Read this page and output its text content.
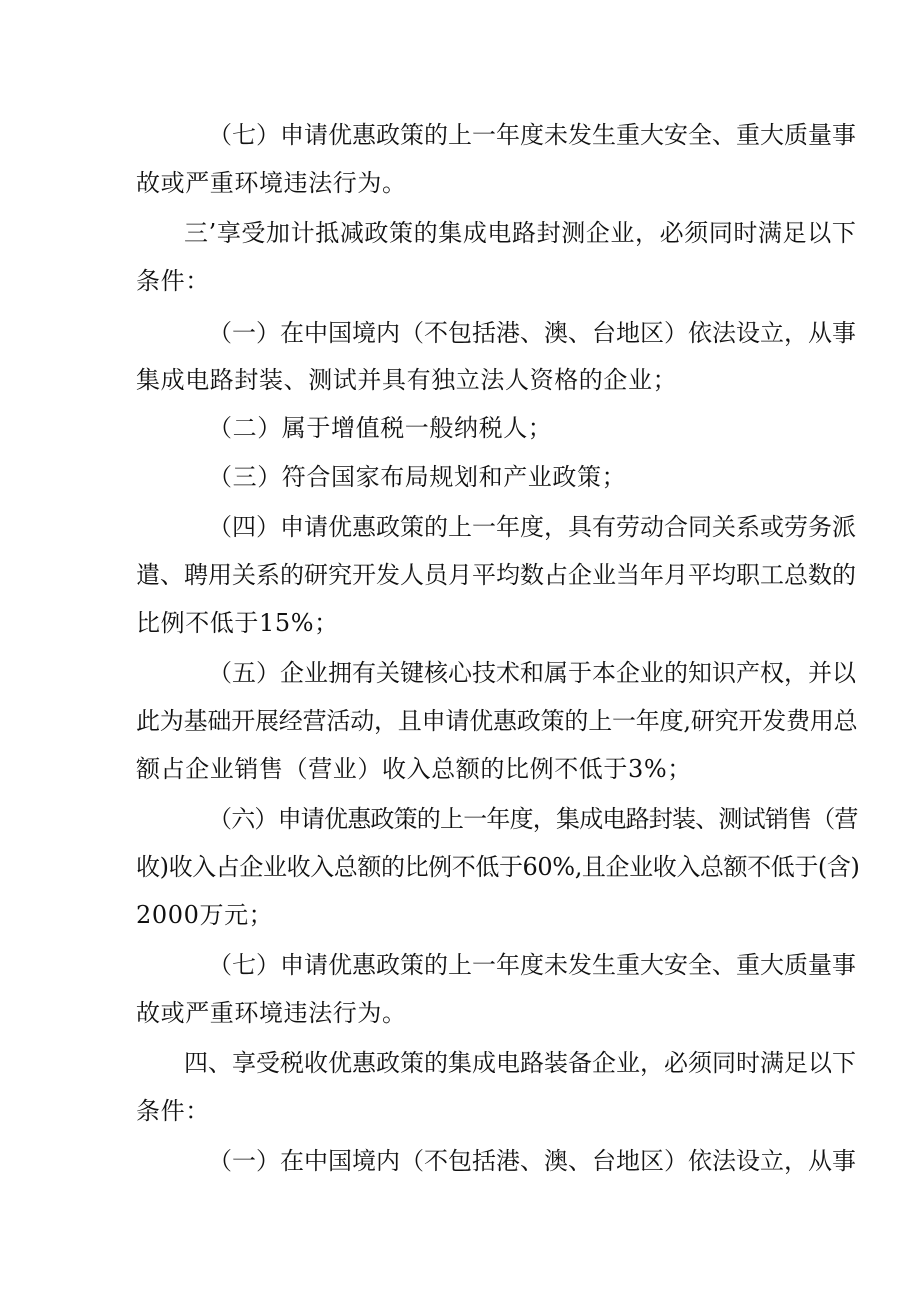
（七）申请优惠政策的上一年度未发生重大安全、重大质量事
故或严重环境违法行为。
三’享受加计抵减政策的集成电路封测企业，必须同时满足以下
条件：
（一）在中国境内（不包括港、澳、台地区）依法设立，从事
集成电路封装、测试并具有独立法人资格的企业；
（二）属于增值税一般纳税人；
（三）符合国家布局规划和产业政策；
（四）申请优惠政策的上一年度，具有劳动合同关系或劳务派
遣、聘用关系的研究开发人员月平均数占企业当年月平均职工总数的
比例不低于15%；
（五）企业拥有关键核心技术和属于本企业的知识产权，并以
此为基础开展经营活动，且申请优惠政策的上一年度,研究开发费用总
额占企业销售（营业）收入总额的比例不低于3%；
（六）申请优惠政策的上一年度，集成电路封装、测试销售（营
收)收入占企业收入总额的比例不低于60%,且企业收入总额不低于(含)
2000万元；
（七）申请优惠政策的上一年度未发生重大安全、重大质量事
故或严重环境违法行为。
四、享受税收优惠政策的集成电路装备企业，必须同时满足以下
条件：
（一）在中国境内（不包括港、澳、台地区）依法设立，从事
